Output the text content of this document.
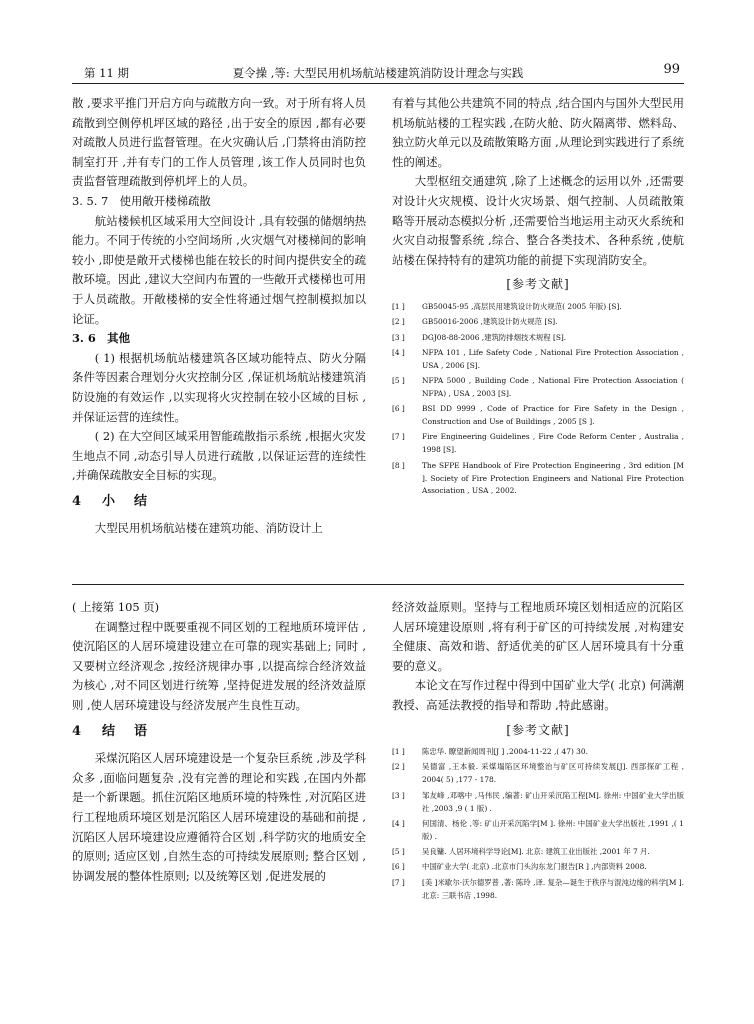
第 11 期	夏令操 ,等: 大型民用机场航站楼建筑消防设计理念与实践	99

散 ,要求平推门开启方向与疏散方向一致。对于所有将人员疏散到空侧停机坪区域的路径 ,出于安全的原因 ,都有必要对疏散人员进行监督管理。在火灾确认后 ,门禁将由消防控制室打开 ,并有专门的工作人员管理 ,该工作人员同时也负责监督管理疏散到停机坪上的人员。

3. 5. 7　使用敞开楼梯疏散

航站楼候机区域采用大空间设计 ,具有较强的储烟纳热能力。不同于传统的小空间场所 ,火灾烟气对楼梯间的影响较小 ,即使是敞开式楼梯也能在较长的时间内提供安全的疏散环境。因此 ,建议大空间内布置的一些敞开式楼梯也可用于人员疏散。开敞楼梯的安全性将通过烟气控制模拟加以论证。

3. 6　其他

( 1) 根据机场航站楼建筑各区域功能特点、防火分隔条件等因素合理划分火灾控制分区 ,保证机场航站楼建筑消防设施的有效运作 ,以实现将火灾控制在较小区域的目标 ,并保证运营的连续性。

( 2) 在大空间区域采用智能疏散指示系统 ,根据火灾发生地点不同 ,动态引导人员进行疏散 ,以保证运营的连续性 ,并确保疏散安全目标的实现。

4 小　结

大型民用机场航站楼在建筑功能、消防设计上

有着与其他公共建筑不同的特点 ,结合国内与国外大型民用机场航站楼的工程实践 ,在防火舱、防火隔离带、燃料岛、独立防火单元以及疏散策略方面 ,从理论到实践进行了系统性的阐述。

大型枢纽交通建筑 ,除了上述概念的运用以外 ,还需要对设计火灾规模、设计火灾场景、烟气控制、人员疏散策略等开展动态模拟分析 ,还需要恰当地运用主动灭火系统和火灾自动报警系统 ,综合、整合各类技术、各种系统 ,使航站楼在保持特有的建筑功能的前提下实现消防安全。

[参考文献]
[1 ] GB50045-95 ,高层民用建筑设计防火规范( 2005 年版) [S].
[2 ] GB50016-2006 ,建筑设计防火规范 [S].
[3 ] DGJ08-88-2006 ,建筑防排烟技术规程 [S].
[4 ] NFPA 101 , Life Safety Code , National Fire Protection Association , USA , 2006 [S].
[5 ] NFPA 5000 , Building Code , National Fire Protection Association ( NFPA) , USA , 2003 [S].
[6 ] BSI DD 9999 , Code of Practice for Fire Safety in the Design , Construction and Use of Buildings , 2005 [S ].
[7 ] Fire Engineering Guidelines , Fire Code Reform Center , Australia , 1998 [S].
[8 ] The SFPE Handbook of Fire Protection Engineering , 3rd edition [M ]. Society of Fire Protection Engineers and National Fire Protection Association , USA , 2002.

( 上接第 105 页)

在调整过程中既要重视不同区划的工程地质环境评估 ,使沉陷区的人居环境建设建立在可靠的现实基础上; 同时 ,又要树立经济观念 ,按经济规律办事 ,以提高综合经济效益为核心 ,对不同区划进行统筹 ,坚持促进发展的经济效益原则 ,使人居环境建设与经济发展产生良性互动。

4 结　语

采煤沉陷区人居环境建设是一个复杂巨系统 ,涉及学科众多 ,面临问题复杂 ,没有完善的理论和实践 ,在国内外都是一个新课题。抓住沉陷区地质环境的特殊性 ,对沉陷区进行工程地质环境区划是沉陷区人居环境建设的基础和前提 ,沉陷区人居环境建设应遵循符合区划 ,科学防灾的地质安全的原则; 适应区划 ,自然生态的可持续发展原则; 整合区划 ,协调发展的整体性原则; 以及统筹区划 ,促进发展的

经济效益原则。坚持与工程地质环境区划相适应的沉陷区人居环境建设原则 ,将有利于矿区的可持续发展 ,对构建安全健康、高效和谐、舒适优美的矿区人居环境具有十分重要的意义。

本论文在写作过程中得到中国矿业大学( 北京) 何满潮教授、高延法教授的指导和帮助 ,特此感谢。

[参考文献]
[1 ] 陈忠华. 瞭望新闻周刊[J ] ,2004-11-22 ,( 47) 30.
[2 ] 吴德富 ,王本毅. 采煤塌陷区环境整治与矿区可持续发展[J]. 西部探矿工程 , 2004( 5) ,177 - 178.
[3 ] 邹友峰 ,邓喀中 ,马伟民 ,编著: 矿山开采沉陷工程[M]. 徐州: 中国矿业大学出版社 ,2003 ,9 ( 1 版) .
[4 ] 何国清、杨伦 ,等: 矿山开采沉陷学[M ]. 徐州: 中国矿业大学出版社 ,1991 ,( 1 版) .
[5 ] 吴良镛. 人居环境科学导论[M]. 北京: 建筑工业出版社 ,2001 年 7 月.
[6 ] 中国矿业大学( 北京) .北京市门头沟东龙门报告[R ] ,内部资料 2008.
[7 ] [美 ]米歇尔·沃尔德罗普 ,著: 陈玲 ,译. 复杂—诞生于秩序与混沌边缘的科学[M ]. 北京: 三联书店 ,1998.
